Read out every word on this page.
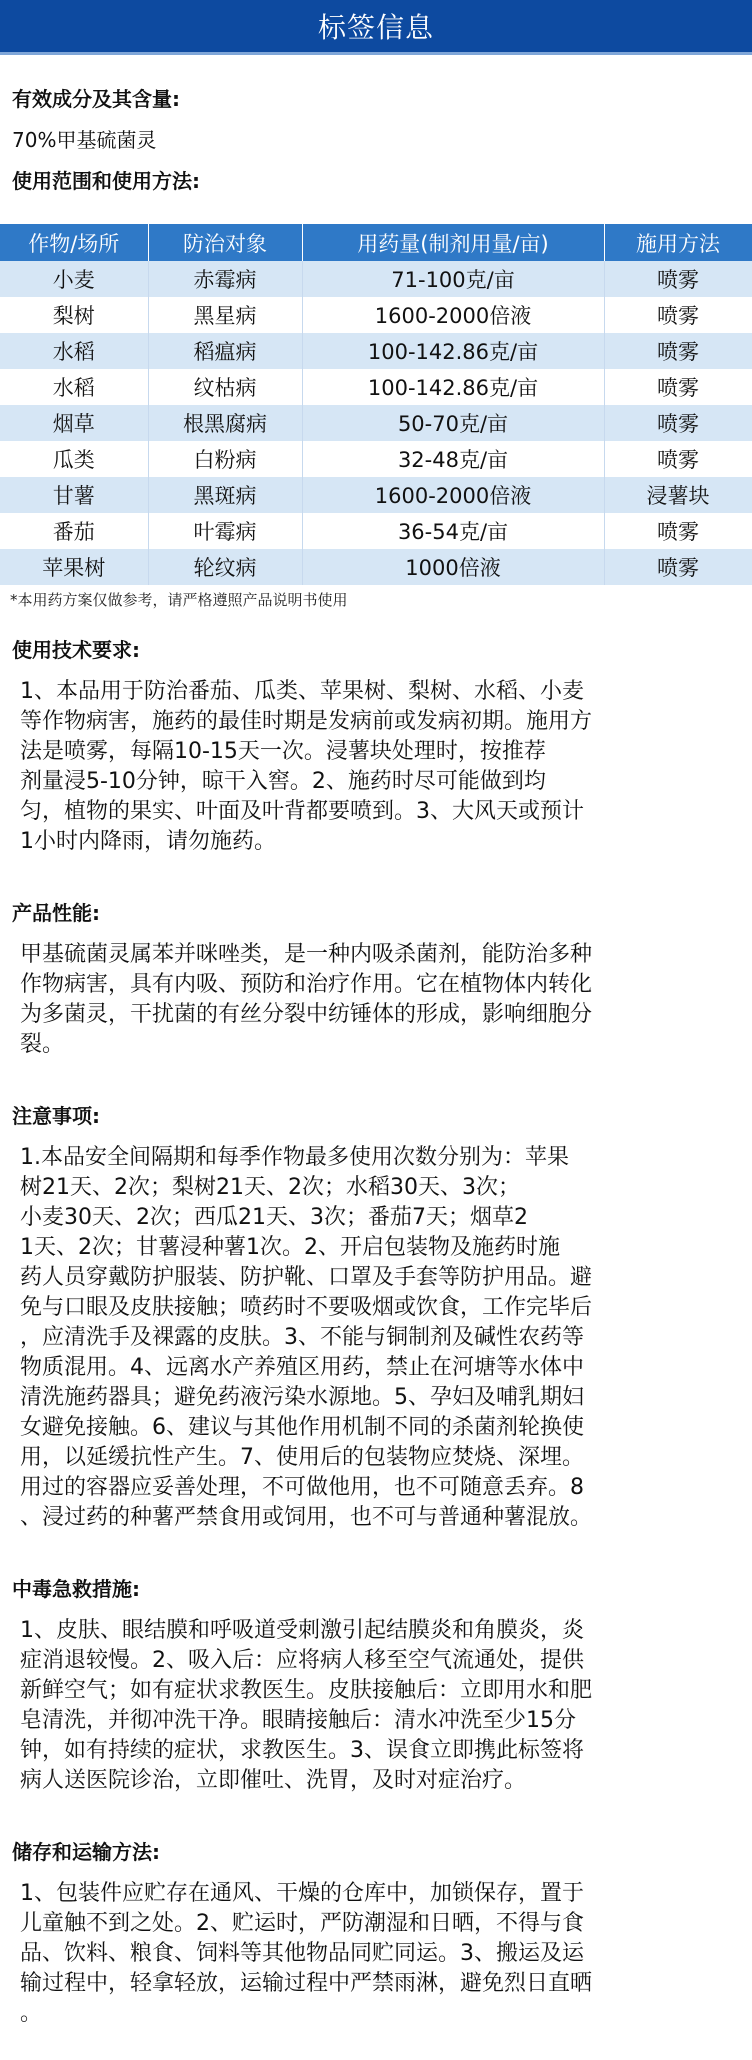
标签信息
有效成分及其含量:
70%甲基硫菌灵
使用范围和使用方法:
作物/场所	防治对象	用药量(制剂用量/亩)	施用方法
小麦	赤霉病	71-100克/亩	喷雾
梨树	黑星病	1600-2000倍液	喷雾
水稻	稻瘟病	100-142.86克/亩	喷雾
水稻	纹枯病	100-142.86克/亩	喷雾
烟草	根黑腐病	50-70克/亩	喷雾
瓜类	白粉病	32-48克/亩	喷雾
甘薯	黑斑病	1600-2000倍液	浸薯块
番茄	叶霉病	36-54克/亩	喷雾
苹果树	轮纹病	1000倍液	喷雾
*本用药方案仅做参考，请严格遵照产品说明书使用
使用技术要求:
1、本品用于防治番茄、瓜类、苹果树、梨树、水稻、小麦
等作物病害，施药的最佳时期是发病前或发病初期。施用方
法是喷雾，每隔10-15天一次。浸薯块处理时，按推荐
剂量浸5-10分钟，晾干入窖。2、施药时尽可能做到均
匀，植物的果实、叶面及叶背都要喷到。3、大风天或预计
1小时内降雨，请勿施药。
产品性能:
甲基硫菌灵属苯并咪唑类，是一种内吸杀菌剂，能防治多种
作物病害，具有内吸、预防和治疗作用。它在植物体内转化
为多菌灵，干扰菌的有丝分裂中纺锤体的形成，影响细胞分
裂。
注意事项:
1.本品安全间隔期和每季作物最多使用次数分别为：苹果
树21天、2次；梨树21天、2次；水稻30天、3次；
小麦30天、2次；西瓜21天、3次；番茄7天；烟草2
1天、2次；甘薯浸种薯1次。2、开启包装物及施药时施
药人员穿戴防护服装、防护靴、口罩及手套等防护用品。避
免与口眼及皮肤接触；喷药时不要吸烟或饮食，工作完毕后
，应清洗手及裸露的皮肤。3、不能与铜制剂及碱性农药等
物质混用。4、远离水产养殖区用药，禁止在河塘等水体中
清洗施药器具；避免药液污染水源地。5、孕妇及哺乳期妇
女避免接触。6、建议与其他作用机制不同的杀菌剂轮换使
用，以延缓抗性产生。7、使用后的包装物应焚烧、深埋。
用过的容器应妥善处理，不可做他用，也不可随意丢弃。8
、浸过药的种薯严禁食用或饲用，也不可与普通种薯混放。
中毒急救措施:
1、皮肤、眼结膜和呼吸道受刺激引起结膜炎和角膜炎，炎
症消退较慢。2、吸入后：应将病人移至空气流通处，提供
新鲜空气；如有症状求教医生。皮肤接触后：立即用水和肥
皂清洗，并彻冲洗干净。眼睛接触后：清水冲洗至少15分
钟，如有持续的症状，求教医生。3、误食立即携此标签将
病人送医院诊治，立即催吐、洗胃，及时对症治疗。
储存和运输方法:
1、包装件应贮存在通风、干燥的仓库中，加锁保存，置于
儿童触不到之处。2、贮运时，严防潮湿和日晒，不得与食
品、饮料、粮食、饲料等其他物品同贮同运。3、搬运及运
输过程中，轻拿轻放，运输过程中严禁雨淋，避免烈日直晒
。
